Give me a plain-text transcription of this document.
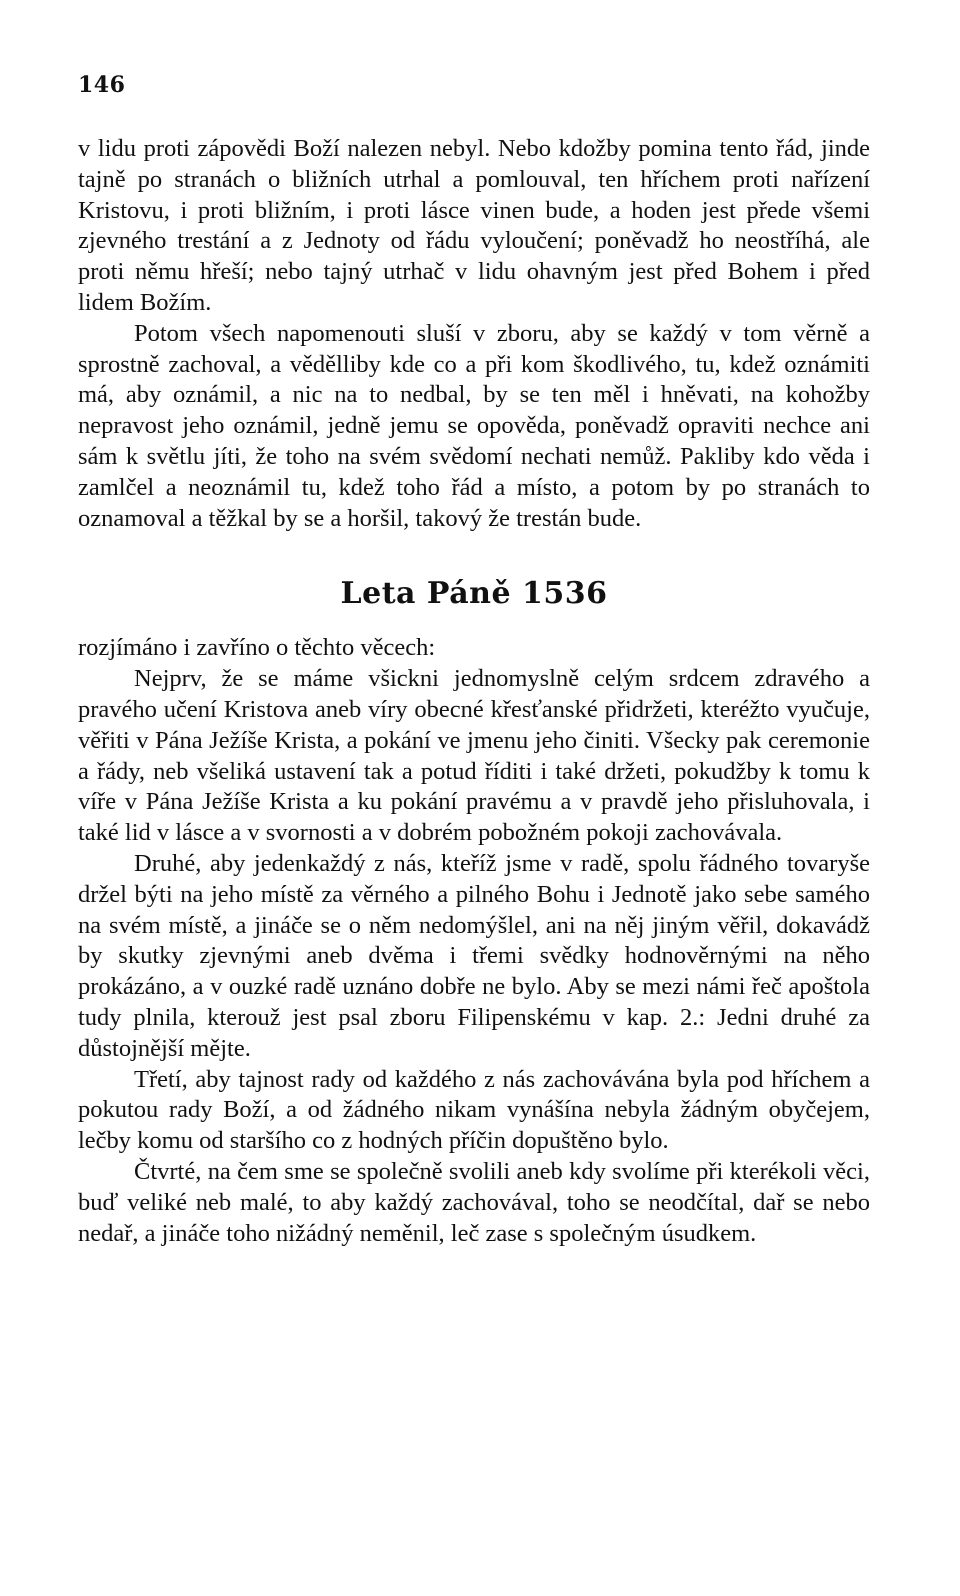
146

v lidu proti zápovědi Boží nalezen nebyl. Nebo kdožby pomina tento řád, jinde tajně po stranách o bližních utrhal a pomlouval, ten hříchem proti nařízení Kristovu, i proti bližním, i proti lásce vinen bude, a hoden jest přede všemi zjevného trestání a z Jednoty od řádu vyloučení; poněvadž ho neostříhá, ale proti němu hřeší; nebo tajný utrhač v lidu ohavným jest před Bohem i před lidem Božím.

Potom všech napomenouti sluší v zboru, aby se každý v tom věrně a sprostně zachoval, a vědělliby kde co a při kom škodlivého, tu, kdež oznámiti má, aby oznámil, a nic na to nedbal, by se ten měl i hněvati, na kohožby nepravost jeho oznámil, jedně jemu se opověda, poněvadž opraviti nechce ani sám k světlu jíti, že toho na svém svědomí nechati nemůž. Pakliby kdo věda i zamlčel a neoznámil tu, kdež toho řád a místo, a potom by po stranách to oznamoval a těžkal by se a horšil, takový že trestán bude.

Leta Páně 1536

rozjímáno i zavříno o těchto věcech:

Nejprv, že se máme všickni jednomyslně celým srdcem zdravého a pravého učení Kristova aneb víry obecné křesťanské přidržeti, kteréžto vyučuje, věřiti v Pána Ježíše Krista, a pokání ve jmenu jeho činiti. Všecky pak ceremonie a řády, neb všeliká ustavení tak a potud říditi i také držeti, pokudžby k tomu k víře v Pána Ježíše Krista a ku pokání pravému a v pravdě jeho přisluhovala, i také lid v lásce a v svornosti a v dobrém pobožném pokoji zachovávala.

Druhé, aby jedenkaždý z nás, kteříž jsme v radě, spolu řádného tovaryše držel býti na jeho místě za věrného a pilného Bohu i Jednotě jako sebe samého na svém místě, a jináče se o něm nedomýšlel, ani na něj jiným věřil, dokavádž by skutky zjevnými aneb dvěma i třemi svědky hodnověrnými na něho prokázáno, a v ouzké radě uznáno dobře ne bylo. Aby se mezi námi řeč apoštola tudy plnila, kterouž jest psal zboru Filipenskému v kap. 2.: Jedni druhé za důstojnější mějte.

Třetí, aby tajnost rady od každého z nás zachovávána byla pod hříchem a pokutou rady Boží, a od žádného nikam vynášína nebyla žádným obyčejem, lečby komu od staršího co z hodných příčin dopuštěno bylo.

Čtvrté, na čem sme se společně svolili aneb kdy svolíme při kterékoli věci, buď veliké neb malé, to aby každý zachovával, toho se neodčítal, dař se nebo nedař, a jináče toho nižádný neměnil, leč zase s společným úsudkem.
